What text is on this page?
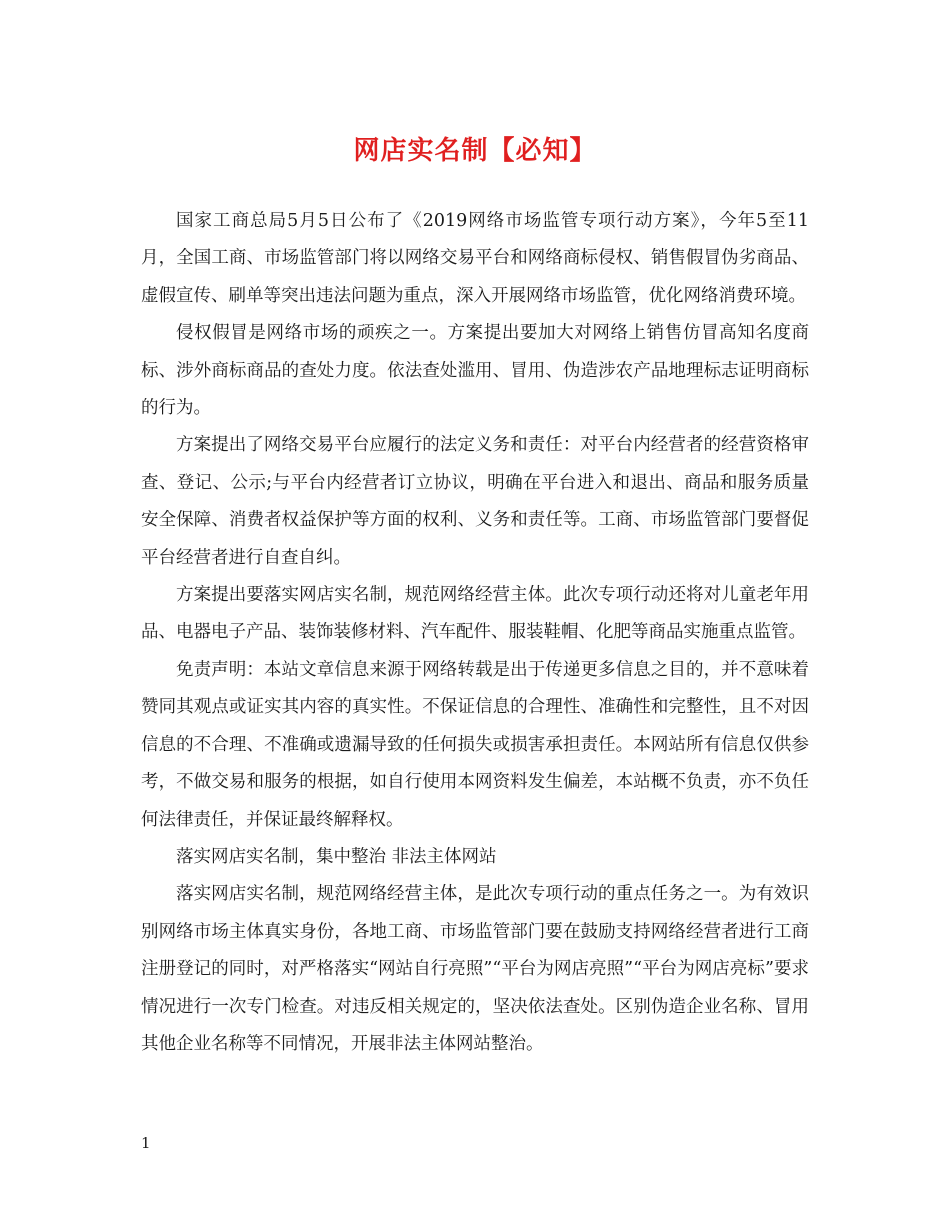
网店实名制【必知】

国家工商总局5月5日公布了《2019网络市场监管专项行动方案》，今年5至11月，全国工商、市场监管部门将以网络交易平台和网络商标侵权、销售假冒伪劣商品、虚假宣传、刷单等突出违法问题为重点，深入开展网络市场监管，优化网络消费环境。

侵权假冒是网络市场的顽疾之一。方案提出要加大对网络上销售仿冒高知名度商标、涉外商标商品的查处力度。依法查处滥用、冒用、伪造涉农产品地理标志证明商标的行为。

方案提出了网络交易平台应履行的法定义务和责任：对平台内经营者的经营资格审查、登记、公示;与平台内经营者订立协议，明确在平台进入和退出、商品和服务质量安全保障、消费者权益保护等方面的权利、义务和责任等。工商、市场监管部门要督促平台经营者进行自查自纠。

方案提出要落实网店实名制，规范网络经营主体。此次专项行动还将对儿童老年用品、电器电子产品、装饰装修材料、汽车配件、服装鞋帽、化肥等商品实施重点监管。

免责声明：本站文章信息来源于网络转载是出于传递更多信息之目的，并不意味着赞同其观点或证实其内容的真实性。不保证信息的合理性、准确性和完整性，且不对因信息的不合理、不准确或遗漏导致的任何损失或损害承担责任。本网站所有信息仅供参考，不做交易和服务的根据，如自行使用本网资料发生偏差，本站概不负责，亦不负任何法律责任，并保证最终解释权。

落实网店实名制，集中整治 非法主体网站

落实网店实名制，规范网络经营主体，是此次专项行动的重点任务之一。为有效识别网络市场主体真实身份，各地工商、市场监管部门要在鼓励支持网络经营者进行工商注册登记的同时，对严格落实“网站自行亮照”“平台为网店亮照”“平台为网店亮标”要求情况进行一次专门检查。对违反相关规定的，坚决依法查处。区别伪造企业名称、冒用其他企业名称等不同情况，开展非法主体网站整治。

1
